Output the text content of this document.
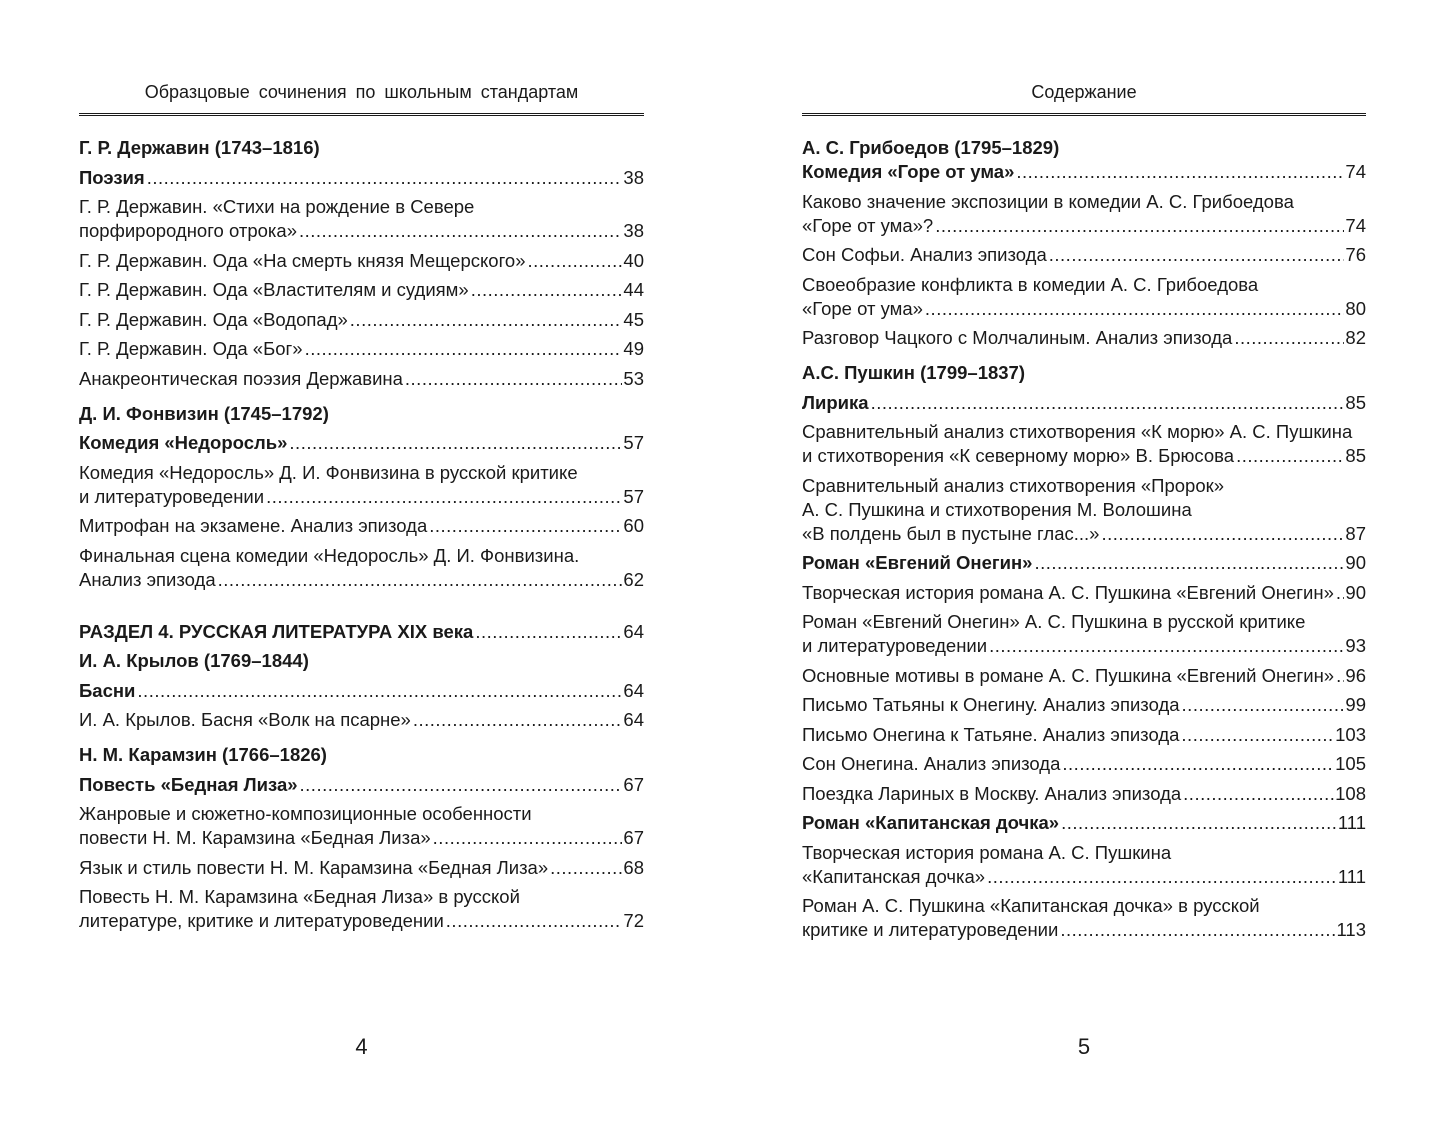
Образцовые сочинения по школьным стандартам
Г. Р. Державин (1743–1816)
Поэзия .....	38
Г. Р. Державин. «Стихи на рождение в Севере
порфирородного отрока» .....	38
Г. Р. Державин. Ода «На смерть князя Мещерского» .....	40
Г. Р. Державин. Ода «Властителям и судиям» .....	44
Г. Р. Державин. Ода «Водопад» .....	45
Г. Р. Державин. Ода «Бог» .....	49
Анакреонтическая поэзия Державина .....	53
Д. И. Фонвизин (1745–1792)
Комедия «Недоросль» .....	57
Комедия «Недоросль» Д. И. Фонвизина в русской критике
и литературоведении .....	57
Митрофан на экзамене. Анализ эпизода .....	60
Финальная сцена комедии «Недоросль» Д. И. Фонвизина.
Анализ эпизода .....	62
РАЗДЕЛ 4. РУССКАЯ ЛИТЕРАТУРА XIX века .....	64
И. А. Крылов (1769–1844)
Басни .....	64
И. А. Крылов. Басня «Волк на псарне» .....	64
Н. М. Карамзин (1766–1826)
Повесть «Бедная Лиза» .....	67
Жанровые и сюжетно-композиционные особенности
повести Н. М. Карамзина «Бедная Лиза» .....	67
Язык и стиль повести Н. М. Карамзина «Бедная Лиза» .....	68
Повесть Н. М. Карамзина «Бедная Лиза» в русской
литературе, критике и литературоведении .....	72
4
Содержание
А. С. Грибоедов (1795–1829)
Комедия «Горе от ума» .....	74
Каково значение экспозиции в комедии А. С. Грибоедова
«Горе от ума»? .....	74
Сон Софьи. Анализ эпизода .....	76
Своеобразие конфликта в комедии А. С. Грибоедова
«Горе от ума» .....	80
Разговор Чацкого с Молчалиным. Анализ эпизода .....	82
А.С. Пушкин (1799–1837)
Лирика .....	85
Сравнительный анализ стихотворения «К морю» А. С. Пушкина
и стихотворения «К северному морю» В. Брюсова .....	85
Сравнительный анализ стихотворения «Пророк»
А. С. Пушкина и стихотворения М. Волошина
«В полдень был в пустыне глас...» .....	87
Роман «Евгений Онегин» .....	90
Творческая история романа А. С. Пушкина «Евгений Онегин» ..... 90
Роман «Евгений Онегин» А. С. Пушкина в русской критике
и литературоведении .....	93
Основные мотивы в романе А. С. Пушкина «Евгений Онегин» ..... 96
Письмо Татьяны к Онегину. Анализ эпизода .....	99
Письмо Онегина к Татьяне. Анализ эпизода .....	103
Сон Онегина. Анализ эпизода .....	105
Поездка Лариных в Москву. Анализ эпизода .....	108
Роман «Капитанская дочка» .....	111
Творческая история романа А. С. Пушкина
«Капитанская дочка» .....	111
Роман А. С. Пушкина «Капитанская дочка» в русской
критике и литературоведении .....	113
5
